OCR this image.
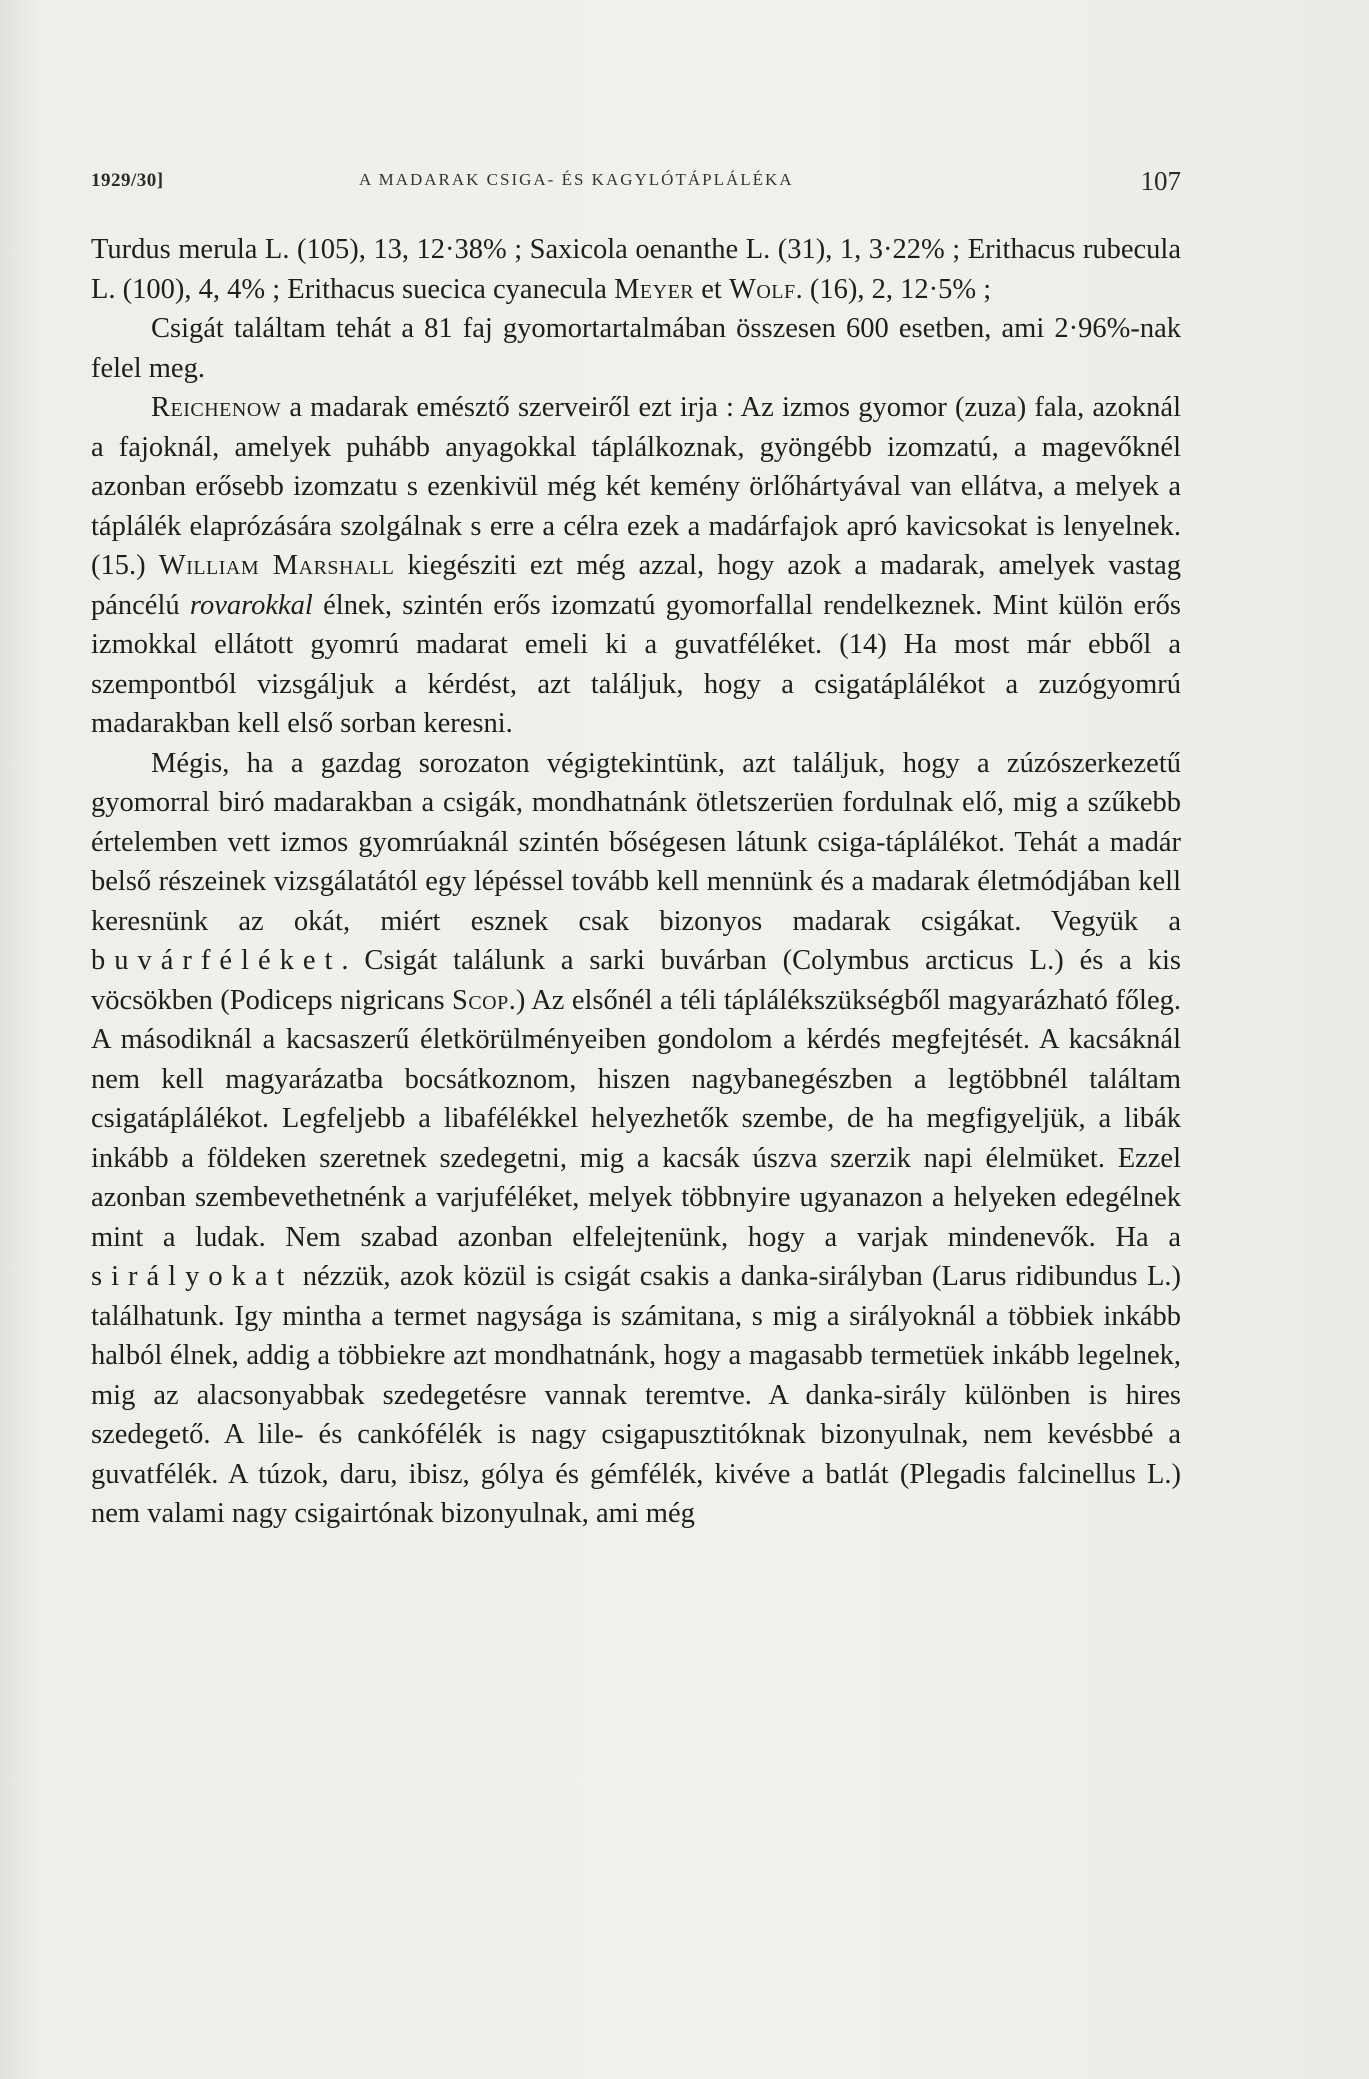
1929/30]	A MADARAK CSIGA- ÉS KAGYLÓTÁPLÁLÉKA	107

Turdus merula L. (105), 13, 12·38% ; Saxicola oenanthe L. (31), 1, 3·22% ; Erithacus rubecula L. (100), 4, 4% ; Erithacus suecica cyanecula Meyer et Wolf. (16), 2, 12·5% ;

Csigát találtam tehát a 81 faj gyomortartalmában összesen 600 esetben, ami 2·96%-nak felel meg.

Reichenow a madarak emésztő szerveiről ezt irja : Az izmos gyomor (zuza) fala, azoknál a fajoknál, amelyek puhább anyagokkal táplálkoznak, gyöngébb izomzatú, a magevőknél azonban erősebb izomzatu s ezenkivül még két kemény örlőhártyával van ellátva, a melyek a táplálék elaprózására szolgálnak s erre a célra ezek a madárfajok apró kavicsokat is lenyelnek. (15.) William Marshall kiegésziti ezt még azzal, hogy azok a madarak, amelyek vastag páncélú rovarokkal élnek, szintén erős izomzatú gyomorfallal rendelkeznek. Mint külön erős izmokkal ellátott gyomrú madarat emeli ki a guvatféléket. (14) Ha most már ebből a szempontból vizsgáljuk a kérdést, azt találjuk, hogy a csigatáplálékot a zuzógyomrú madarakban kell első sorban keresni.

Mégis, ha a gazdag sorozaton végigtekintünk, azt találjuk, hogy a zúzószerkezetű gyomorral biró madarakban a csigák, mondhatnánk ötletszerüen fordulnak elő, mig a szűkebb értelemben vett izmos gyomrúaknál szintén bőségesen látunk csiga-táplálékot. Tehát a madár belső részeinek vizsgálatától egy lépéssel tovább kell mennünk és a madarak életmódjában kell keresnünk az okát, miért esznek csak bizonyos madarak csigákat. Vegyük a buvárféléket. Csigát találunk a sarki buvárban (Colymbus arcticus L.) és a kis vöcsökben (Podiceps nigricans Scop.) Az elsőnél a téli táplálékszükségből magyarázható főleg. A másodiknál a kacsaszerű életkörülményeiben gondolom a kérdés megfejtését. A kacsáknál nem kell magyarázatba bocsátkoznom, hiszen nagybanegészben a legtöbbnél találtam csigatáplálékot. Legfeljebb a libafélékkel helyezhetők szembe, de ha megfigyeljük, a libák inkább a földeken szeretnek szedegetni, mig a kacsák úszva szerzik napi élelmüket. Ezzel azonban szembevethetnénk a varjuféléket, melyek többnyire ugyanazon a helyeken edegélnek mint a ludak. Nem szabad azonban elfelejtenünk, hogy a varjak mindenevők. Ha a sirályokat nézzük, azok közül is csigát csakis a danka-sirályban (Larus ridibundus L.) találhatunk. Igy mintha a termet nagysága is számitana, s mig a sirályoknál a többiek inkább halból élnek, addig a többiekre azt mondhatnánk, hogy a magasabb termetüek inkább legelnek, mig az alacsonyabbak szedegetésre vannak teremtve. A danka-sirály különben is hires szedegető. A lile- és cankófélék is nagy csigapusztitóknak bizonyulnak, nem kevésbbé a guvatfélék. A túzok, daru, ibisz, gólya és gémfélék, kivéve a batlát (Plegadis falcinellus L.) nem valami nagy csigairtónak bizonyulnak, ami még
